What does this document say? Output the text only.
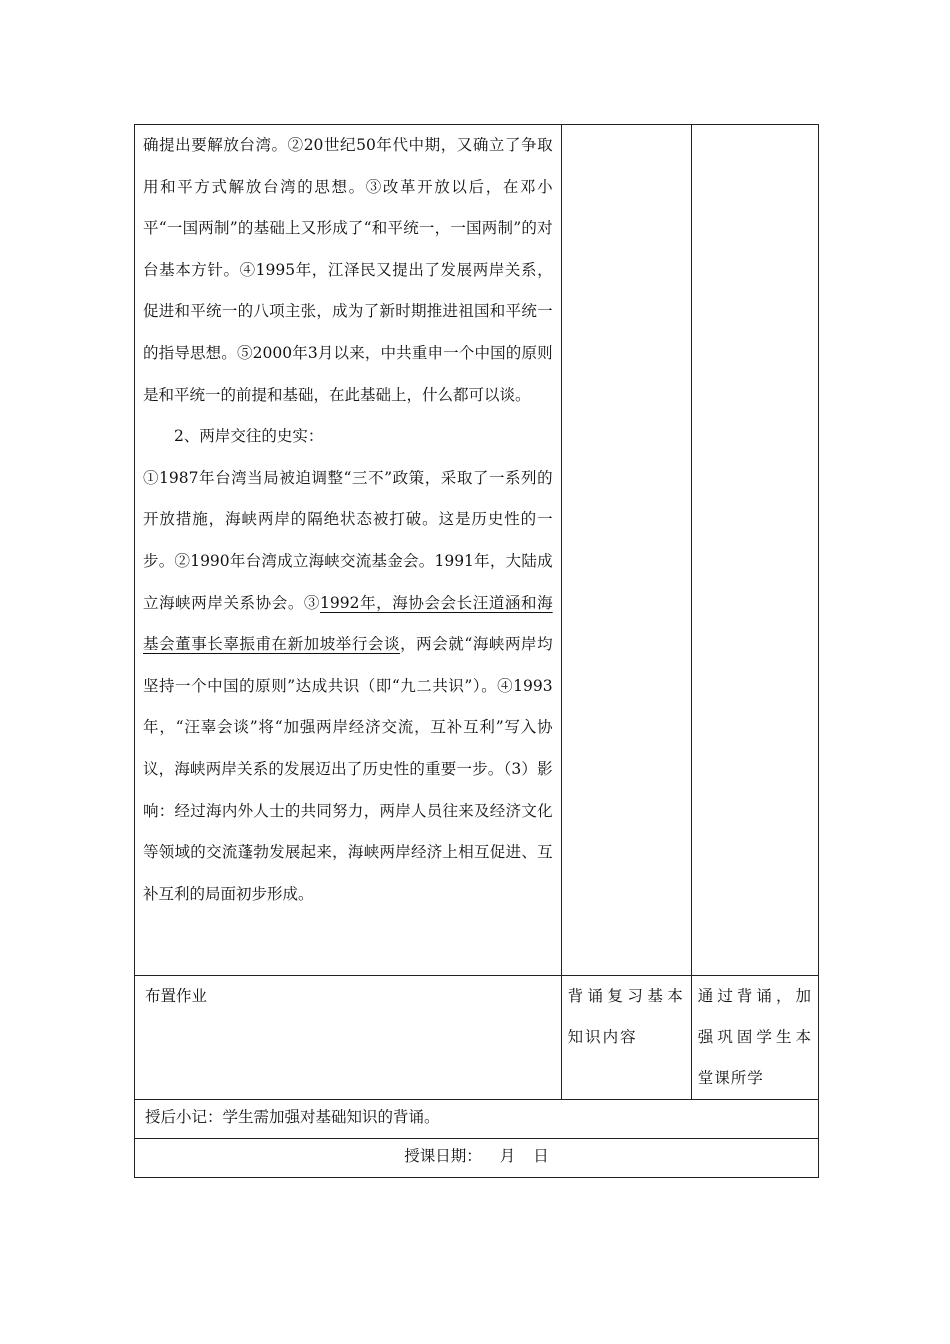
确提出要解放台湾。②20世纪50年代中期，又确立了争取用和平方式解放台湾的思想。③改革开放以后，在邓小平“一国两制”的基础上又形成了“和平统一，一国两制”的对台基本方针。④1995年，江泽民又提出了发展两岸关系，促进和平统一的八项主张，成为了新时期推进祖国和平统一的指导思想。⑤2000年3月以来，中共重申一个中国的原则是和平统一的前提和基础，在此基础上，什么都可以谈。

2、两岸交往的史实：

①1987年台湾当局被迫调整“三不”政策，采取了一系列的开放措施，海峡两岸的隔绝状态被打破。这是历史性的一步。②1990年台湾成立海峡交流基金会。1991年，大陆成立海峡两岸关系协会。③1992年，海协会会长汪道涵和海基会董事长辜振甫在新加坡举行会谈，两会就“海峡两岸均坚持一个中国的原则”达成共识（即“九二共识”）。④1993年，“汪辜会谈”将“加强两岸经济交流，互补互利”写入协议，海峡两岸关系的发展迈出了历史性的重要一步。（3）影响：经过海内外人士的共同努力，两岸人员往来及经济文化等领域的交流蓬勃发展起来，海峡两岸经济上相互促进、互补互利的局面初步形成。		

布置作业	背诵复习基本知识内容	通过背诵，加强巩固学生本堂课所学

授后小记：学生需加强对基础知识的背诵。		
授课日期： 月 日		
